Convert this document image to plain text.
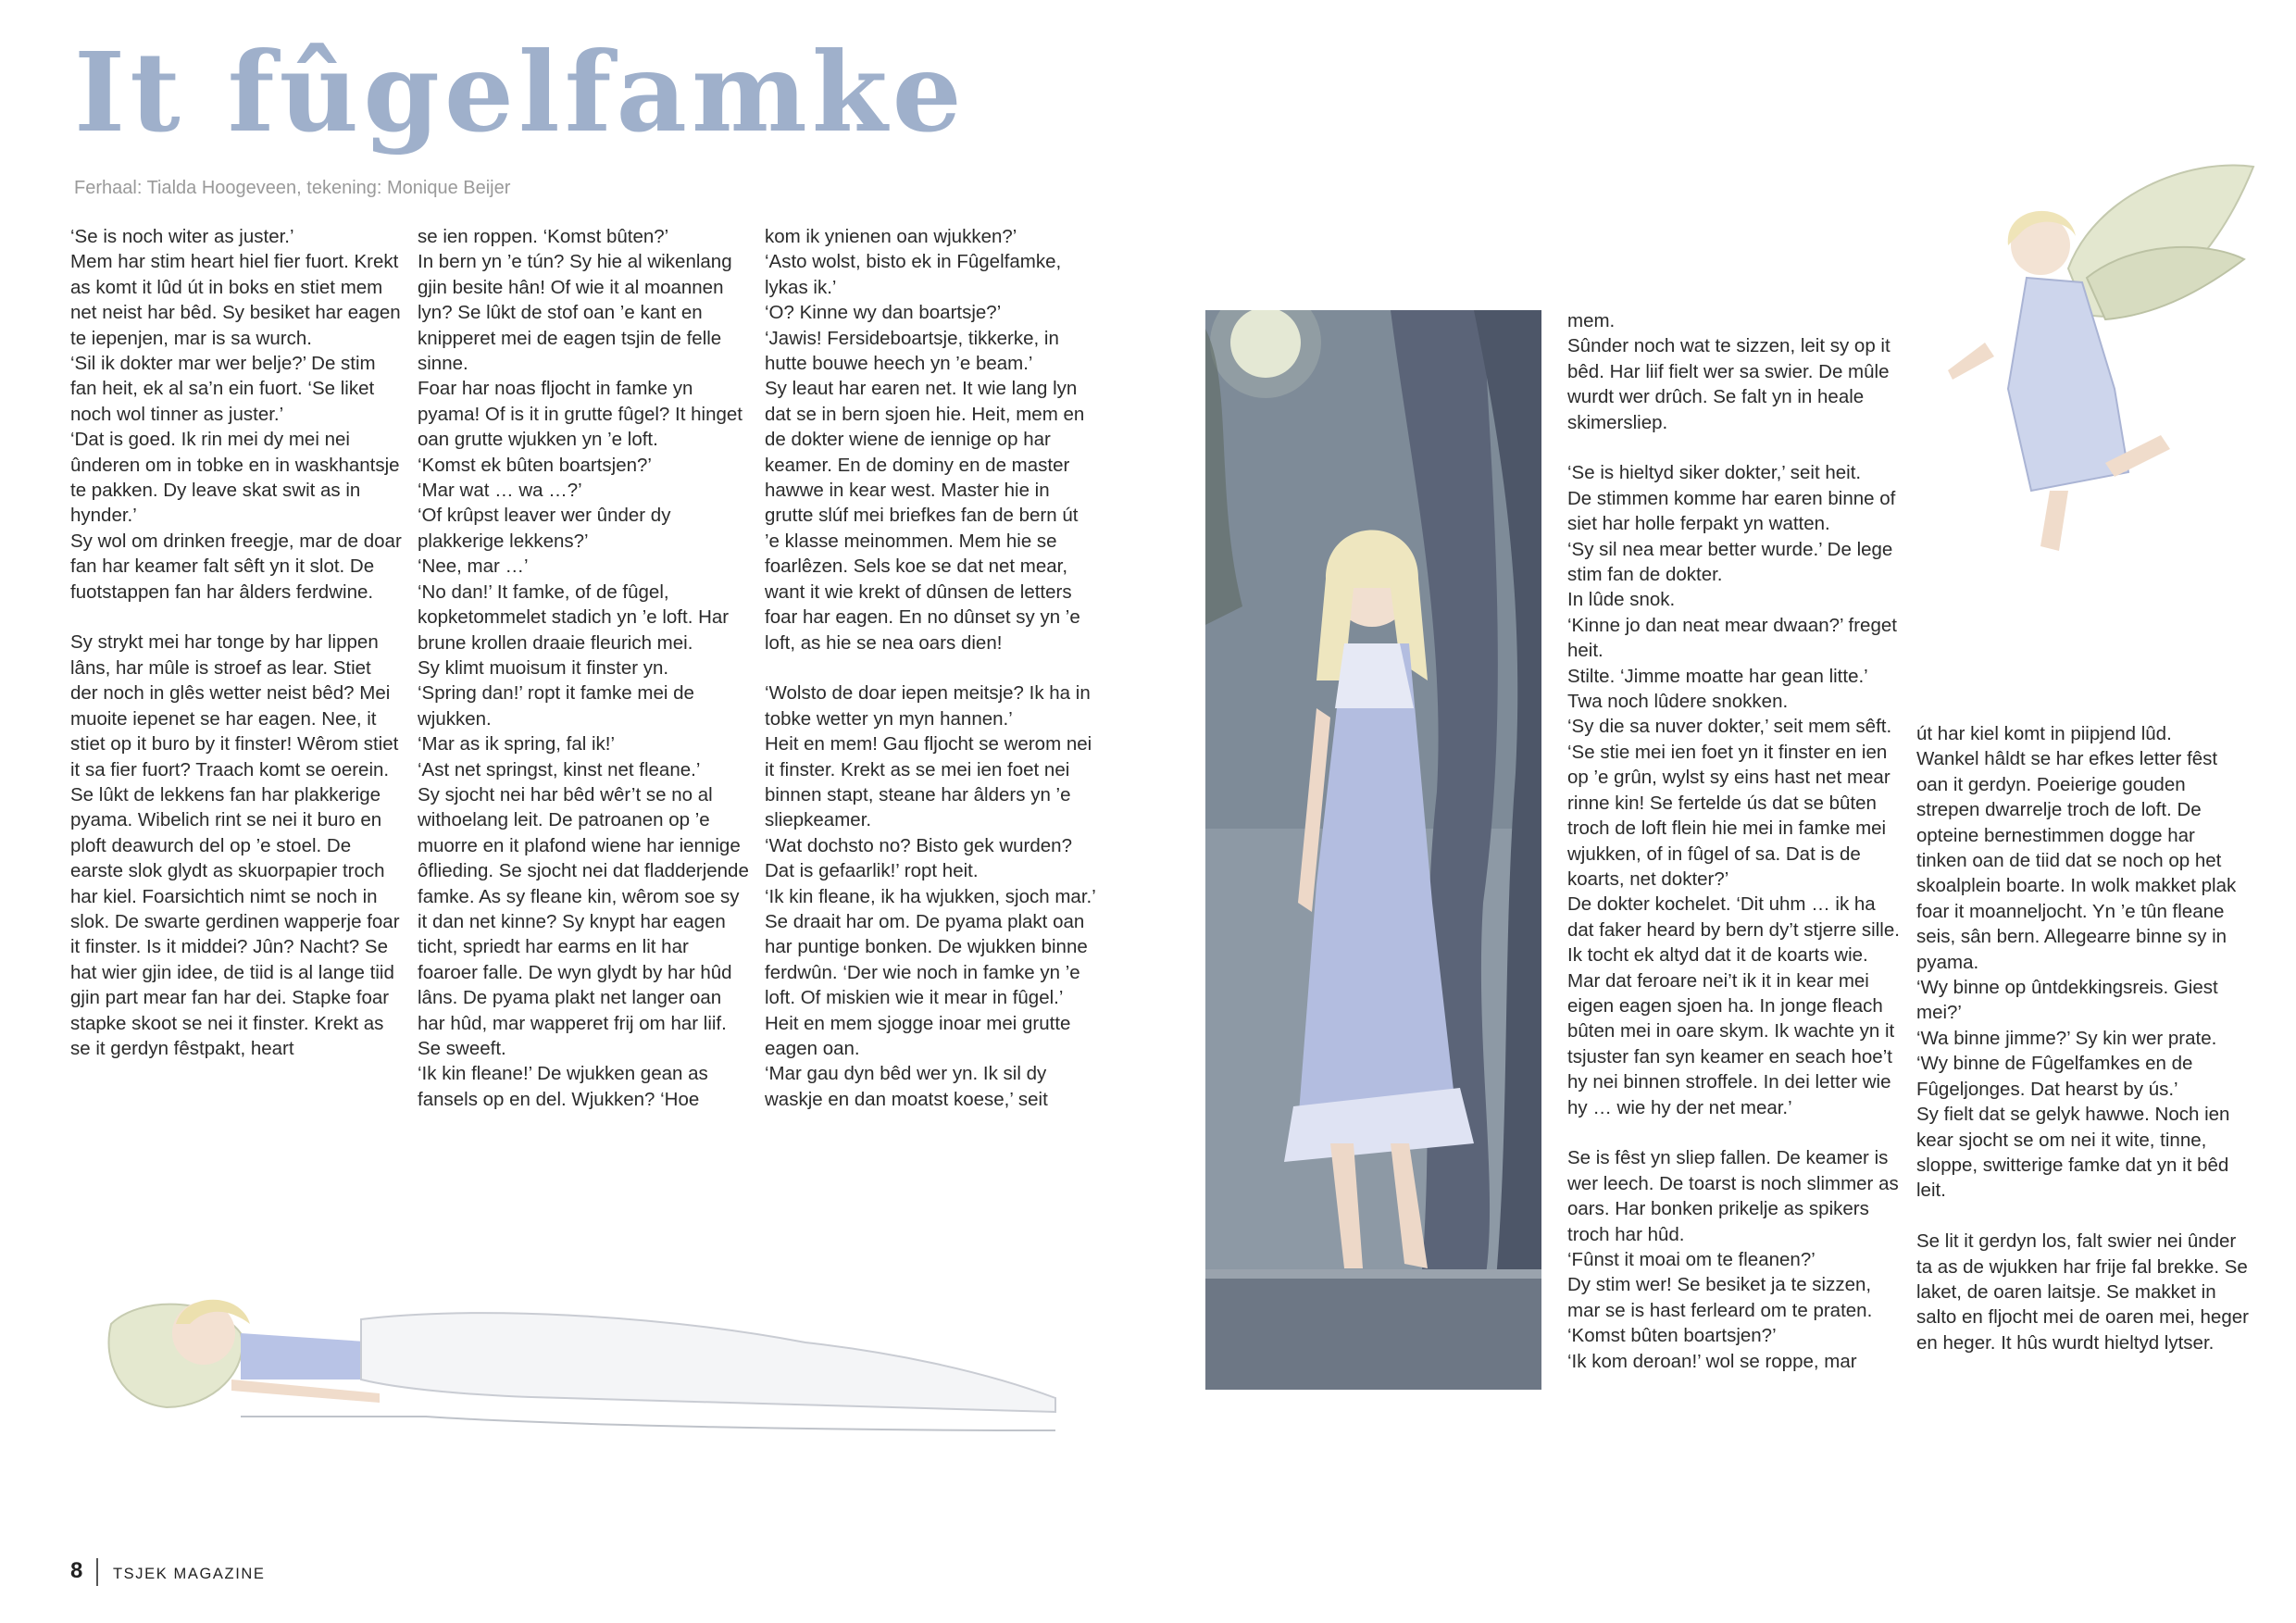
It fûgelfamke

Ferhaal: Tialda Hoogeveen, tekening: Monique Beijer

‘Se is noch witer as juster.’
Mem har stim heart hiel fier fuort. Krekt as komt it lûd út in boks en stiet mem net neist har bêd. Sy besiket har eagen te iepenjen, mar is sa wurch.
‘Sil ik dokter mar wer belje?’ De stim fan heit, ek al sa’n ein fuort. ‘Se liket noch wol tinner as juster.’
‘Dat is goed. Ik rin mei dy mei nei ûnderen om in tobke en in waskhantsje te pakken. Dy leave skat swit as in hynder.’
Sy wol om drinken freegje, mar de doar fan har keamer falt sêft yn it slot. De fuotstappen fan har âlders ferdwine.

Sy strykt mei har tonge by har lippen lâns, har mûle is stroef as lear. Stiet der noch in glês wetter neist bêd? Mei muoite iepenet se har eagen. Nee, it stiet op it buro by it finster! Wêrom stiet it sa fier fuort? Traach komt se oerein. Se lûkt de lekkens fan har plakkerige pyama. Wibelich rint se nei it buro en ploft deawurch del op ’e stoel. De earste slok glydt as skuorpapier troch har kiel. Foarsichtich nimt se noch in slok. De swarte gerdinen wapperje foar it finster. Is it middei? Jûn? Nacht? Se hat wier gjin idee, de tiid is al lange tiid gjin part mear fan har dei. Stapke foar stapke skoot se nei it finster. Krekt as se it gerdyn fêstpakt, heart

se ien roppen. ‘Komst bûten?’
In bern yn ’e tún? Sy hie al wikenlang gjin besite hân! Of wie it al moannen lyn? Se lûkt de stof oan ’e kant en knipperet mei de eagen tsjin de felle sinne.
Foar har noas fljocht in famke yn pyama! Of is it in grutte fûgel? It hinget oan grutte wjukken yn ’e loft.
‘Komst ek bûten boartsjen?’
‘Mar wat … wa …?’
‘Of krûpst leaver wer ûnder dy plakkerige lekkens?’
‘Nee, mar …’
‘No dan!’ It famke, of de fûgel, kopketommelet stadich yn ’e loft. Har brune krollen draaie fleurich mei.
Sy klimt muoisum it finster yn.
‘Spring dan!’ ropt it famke mei de wjukken.
‘Mar as ik spring, fal ik!’
‘Ast net springst, kinst net fleane.’
Sy sjocht nei har bêd wêr’t se no al withoelang leit. De patroanen op ’e muorre en it plafond wiene har iennige ôflieding. Se sjocht nei dat fladderjende famke. As sy fleane kin, wêrom soe sy it dan net kinne? Sy knypt har eagen ticht, spriedt har earms en lit har foaroer falle. De wyn glydt by har hûd lâns. De pyama plakt net langer oan har hûd, mar wapperet frij om har liif. Se sweeft.
‘Ik kin fleane!’ De wjukken gean as fansels op en del. Wjukken? ‘Hoe

kom ik ynienen oan wjukken?’
‘Asto wolst, bisto ek in Fûgelfamke, lykas ik.’
‘O? Kinne wy dan boartsje?’
‘Jawis! Fersideboartsje, tikkerke, in hutte bouwe heech yn ’e beam.’
Sy leaut har earen net. It wie lang lyn dat se in bern sjoen hie. Heit, mem en de dokter wiene de iennige op har keamer. En de dominy en de master hawwe in kear west. Master hie in grutte slúf mei briefkes fan de bern út ’e klasse meinommen. Mem hie se foarlêzen. Sels koe se dat net mear, want it wie krekt of dûnsen de letters foar har eagen. En no dûnset sy yn ’e loft, as hie se nea oars dien!

‘Wolsto de doar iepen meitsje? Ik ha in tobke wetter yn myn hannen.’
Heit en mem! Gau fljocht se werom nei it finster. Krekt as se mei ien foet nei binnen stapt, steane har âlders yn ’e sliepkeamer.
‘Wat dochsto no? Bisto gek wurden? Dat is gefaarlik!’ ropt heit.
‘Ik kin fleane, ik ha wjukken, sjoch mar.’ Se draait har om. De pyama plakt oan har puntige bonken. De wjukken binne ferdwûn. ‘Der wie noch in famke yn ’e loft. Of miskien wie it mear in fûgel.’
Heit en mem sjogge inoar mei grutte eagen oan.
‘Mar gau dyn bêd wer yn. Ik sil dy waskje en dan moatst koese,’ seit

mem.
Sûnder noch wat te sizzen, leit sy op it bêd. Har liif fielt wer sa swier. De mûle wurdt wer drûch. Se falt yn in heale skimersliep.

‘Se is hieltyd siker dokter,’ seit heit.
De stimmen komme har earen binne of siet har holle ferpakt yn watten.
‘Sy sil nea mear better wurde.’ De lege stim fan de dokter.
In lûde snok.
‘Kinne jo dan neat mear dwaan?’ freget heit.
Stilte. ‘Jimme moatte har gean litte.’
Twa noch lûdere snokken.
‘Sy die sa nuver dokter,’ seit mem sêft. ‘Se stie mei ien foet yn it finster en ien op ’e grûn, wylst sy eins hast net mear rinne kin! Se fertelde ús dat se bûten troch de loft flein hie mei in famke mei wjukken, of in fûgel of sa. Dat is de koarts, net dokter?’
De dokter kochelet. ‘Dit uhm … ik ha dat faker heard by bern dy’t stjerre sille. Ik tocht ek altyd dat it de koarts wie. Mar dat feroare nei’t ik it in kear mei eigen eagen sjoen ha. In jonge fleach bûten mei in oare skym. Ik wachte yn it tsjuster fan syn keamer en seach hoe’t hy nei binnen stroffele. In dei letter wie hy … wie hy der net mear.’

Se is fêst yn sliep fallen. De keamer is wer leech. De toarst is noch slimmer as oars. Har bonken prikelje as spikers troch har hûd.
‘Fûnst it moai om te fleanen?’
Dy stim wer! Se besiket ja te sizzen, mar se is hast ferleard om te praten.
‘Komst bûten boartsjen?’
‘Ik kom deroan!’ wol se roppe, mar

út har kiel komt in piipjend lûd.
Wankel hâldt se har efkes letter fêst oan it gerdyn. Poeierige gouden strepen dwarrelje troch de loft. De opteine bernestimmen dogge har tinken oan de tiid dat se noch op het skoalplein boarte. In wolk makket plak foar it moanneljocht. Yn ’e tûn fleane seis, sân bern. Allegearre binne sy in pyama.
‘Wy binne op ûntdekkingsreis. Giest mei?’
‘Wa binne jimme?’ Sy kin wer prate.
‘Wy binne de Fûgelfamkes en de Fûgeljonges. Dat hearst by ús.’
Sy fielt dat se gelyk hawwe. Noch ien kear sjocht se om nei it wite, tinne, sloppe, switterige famke dat yn it bêd leit.

Se lit it gerdyn los, falt swier nei ûnder ta as de wjukken har frije fal brekke. Se laket, de oaren laitsje. Se makket in salto en fljocht mei de oaren mei, heger en heger. It hûs wurdt hieltyd lytser.

8 TSJEK MAGAZINE
